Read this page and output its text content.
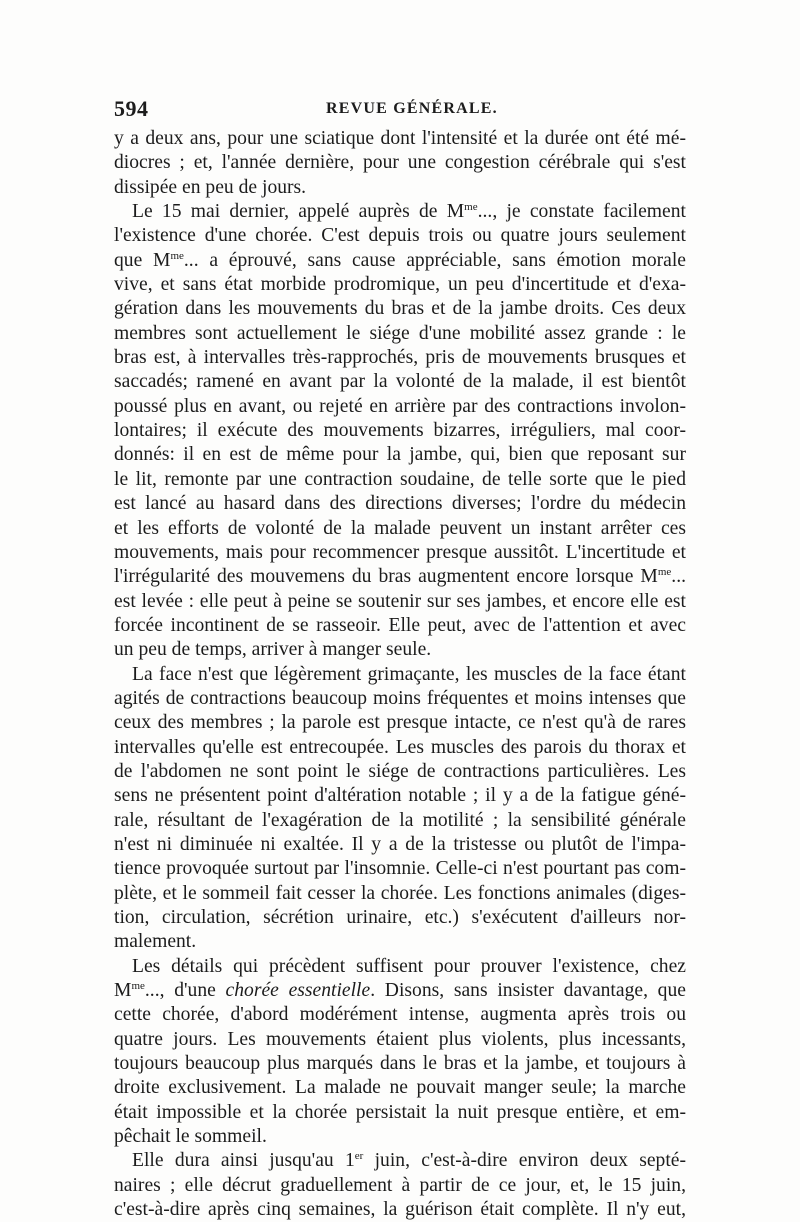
594	REVUE GÉNÉRALE.
y a deux ans, pour une sciatique dont l'intensité et la durée ont été mé-
diocres ; et, l'année dernière, pour une congestion cérébrale qui s'est
dissipée en peu de jours.
Le 15 mai dernier, appelé auprès de $M^{me}$..., je constate facilement
l'existence d'une chorée. C'est depuis trois ou quatre jours seulement
que $M^{me}$... a éprouvé, sans cause appréciable, sans émotion morale
vive, et sans état morbide prodromique, un peu d'incertitude et d'exa-
gération dans les mouvements du bras et de la jambe droits. Ces deux
membres sont actuellement le siége d'une mobilité assez grande : le
bras est, à intervalles très-rapprochés, pris de mouvements brusques et
saccadés; ramené en avant par la volonté de la malade, il est bientôt
poussé plus en avant, ou rejeté en arrière par des contractions involon-
lontaires; il exécute des mouvements bizarres, irréguliers, mal coor-
donnés: il en est de même pour la jambe, qui, bien que reposant sur
le lit, remonte par une contraction soudaine, de telle sorte que le pied
est lancé au hasard dans des directions diverses; l'ordre du médecin
et les efforts de volonté de la malade peuvent un instant arrêter ces
mouvements, mais pour recommencer presque aussitôt. L'incertitude et
l'irrégularité des mouvemens du bras augmentent encore lorsque $M^{me}$...
est levée : elle peut à peine se soutenir sur ses jambes, et encore elle est
forcée incontinent de se rasseoir. Elle peut, avec de l'attention et avec
un peu de temps, arriver à manger seule.
La face n'est que légèrement grimaçante, les muscles de la face étant
agités de contractions beaucoup moins fréquentes et moins intenses que
ceux des membres ; la parole est presque intacte, ce n'est qu'à de rares
intervalles qu'elle est entrecoupée. Les muscles des parois du thorax et
de l'abdomen ne sont point le siége de contractions particulières. Les
sens ne présentent point d'altération notable ; il y a de la fatigue géné-
rale, résultant de l'exagération de la motilité ; la sensibilité générale
n'est ni diminuée ni exaltée. Il y a de la tristesse ou plutôt de l'impa-
tience provoquée surtout par l'insomnie. Celle-ci n'est pourtant pas com-
plète, et le sommeil fait cesser la chorée. Les fonctions animales (diges-
tion, circulation, sécrétion urinaire, etc.) s'exécutent d'ailleurs nor-
malement.
Les détails qui précèdent suffisent pour prouver l'existence, chez
$M^{me}$..., d'une chorée essentielle. Disons, sans insister davantage, que
cette chorée, d'abord modérément intense, augmenta après trois ou
quatre jours. Les mouvements étaient plus violents, plus incessants,
toujours beaucoup plus marqués dans le bras et la jambe, et toujours à
droite exclusivement. La malade ne pouvait manger seule; la marche
était impossible et la chorée persistait la nuit presque entière, et em-
pêchait le sommeil.
Elle dura ainsi jusqu'au 1er juin, c'est-à-dire environ deux septé-
naires ; elle décrut graduellement à partir de ce jour, et, le 15 juin,
c'est-à-dire après cinq semaines, la guérison était complète. Il n'y eut,
